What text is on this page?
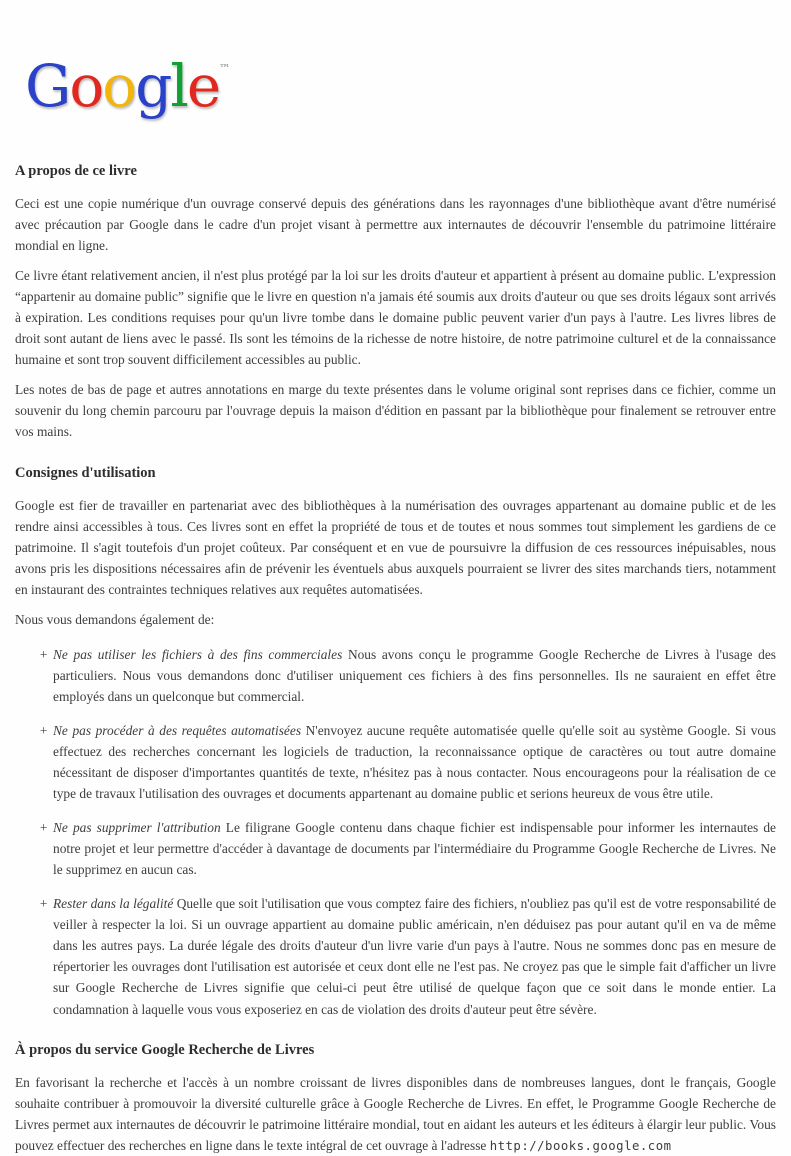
Google™
A propos de ce livre

Ceci est une copie numérique d'un ouvrage conservé depuis des générations dans les rayonnages d'une bibliothèque avant d'être numérisé avec précaution par Google dans le cadre d'un projet visant à permettre aux internautes de découvrir l'ensemble du patrimoine littéraire mondial en ligne.

Ce livre étant relativement ancien, il n'est plus protégé par la loi sur les droits d'auteur et appartient à présent au domaine public. L'expression “appartenir au domaine public” signifie que le livre en question n'a jamais été soumis aux droits d'auteur ou que ses droits légaux sont arrivés à expiration. Les conditions requises pour qu'un livre tombe dans le domaine public peuvent varier d'un pays à l'autre. Les livres libres de droit sont autant de liens avec le passé. Ils sont les témoins de la richesse de notre histoire, de notre patrimoine culturel et de la connaissance humaine et sont trop souvent difficilement accessibles au public.

Les notes de bas de page et autres annotations en marge du texte présentes dans le volume original sont reprises dans ce fichier, comme un souvenir du long chemin parcouru par l'ouvrage depuis la maison d'édition en passant par la bibliothèque pour finalement se retrouver entre vos mains.

Consignes d'utilisation

Google est fier de travailler en partenariat avec des bibliothèques à la numérisation des ouvrages appartenant au domaine public et de les rendre ainsi accessibles à tous. Ces livres sont en effet la propriété de tous et de toutes et nous sommes tout simplement les gardiens de ce patrimoine. Il s'agit toutefois d'un projet coûteux. Par conséquent et en vue de poursuivre la diffusion de ces ressources inépuisables, nous avons pris les dispositions nécessaires afin de prévenir les éventuels abus auxquels pourraient se livrer des sites marchands tiers, notamment en instaurant des contraintes techniques relatives aux requêtes automatisées.

Nous vous demandons également de:

+ Ne pas utiliser les fichiers à des fins commerciales Nous avons conçu le programme Google Recherche de Livres à l'usage des particuliers. Nous vous demandons donc d'utiliser uniquement ces fichiers à des fins personnelles. Ils ne sauraient en effet être employés dans un quelconque but commercial.
+ Ne pas procéder à des requêtes automatisées N'envoyez aucune requête automatisée quelle qu'elle soit au système Google. Si vous effectuez des recherches concernant les logiciels de traduction, la reconnaissance optique de caractères ou tout autre domaine nécessitant de disposer d'importantes quantités de texte, n'hésitez pas à nous contacter. Nous encourageons pour la réalisation de ce type de travaux l'utilisation des ouvrages et documents appartenant au domaine public et serions heureux de vous être utile.
+ Ne pas supprimer l'attribution Le filigrane Google contenu dans chaque fichier est indispensable pour informer les internautes de notre projet et leur permettre d'accéder à davantage de documents par l'intermédiaire du Programme Google Recherche de Livres. Ne le supprimez en aucun cas.
+ Rester dans la légalité Quelle que soit l'utilisation que vous comptez faire des fichiers, n'oubliez pas qu'il est de votre responsabilité de veiller à respecter la loi. Si un ouvrage appartient au domaine public américain, n'en déduisez pas pour autant qu'il en va de même dans les autres pays. La durée légale des droits d'auteur d'un livre varie d'un pays à l'autre. Nous ne sommes donc pas en mesure de répertorier les ouvrages dont l'utilisation est autorisée et ceux dont elle ne l'est pas. Ne croyez pas que le simple fait d'afficher un livre sur Google Recherche de Livres signifie que celui-ci peut être utilisé de quelque façon que ce soit dans le monde entier. La condamnation à laquelle vous vous exposeriez en cas de violation des droits d'auteur peut être sévère.
À propos du service Google Recherche de Livres

En favorisant la recherche et l'accès à un nombre croissant de livres disponibles dans de nombreuses langues, dont le français, Google souhaite contribuer à promouvoir la diversité culturelle grâce à Google Recherche de Livres. En effet, le Programme Google Recherche de Livres permet aux internautes de découvrir le patrimoine littéraire mondial, tout en aidant les auteurs et les éditeurs à élargir leur public. Vous pouvez effectuer des recherches en ligne dans le texte intégral de cet ouvrage à l'adresse http://books.google.com
